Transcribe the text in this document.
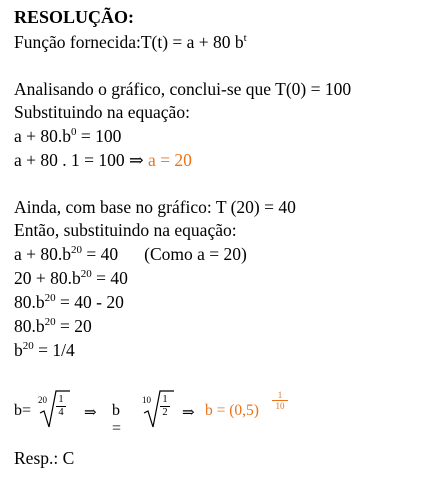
RESOLUÇÃO:
Função fornecida:T(t) = a + 80 $b^t$
Analisando o gráfico, conclui-se que T(0) = 100
Substituindo na equação:
$a + 80.b^0 = 100$
a + 80 . 1 = 100 ⇒ a = 20
Ainda, com base no gráfico: T (20) = 40
Então, substituindo na equação:
$a + 80.b^{20} = 40$ (Como a = 20)
$20 + 80.b^{20} = 40$
$80.b^{20} = 40 - 20$
$80.b^{20} = 20$
$b^{20} = 1/4$
b=
$20 \frac{1}{4}$ ⇒ b =
$10 \frac{1}{2}$ ⇒ $b = (0,5) \frac{1}{10}$
Resp.: C
